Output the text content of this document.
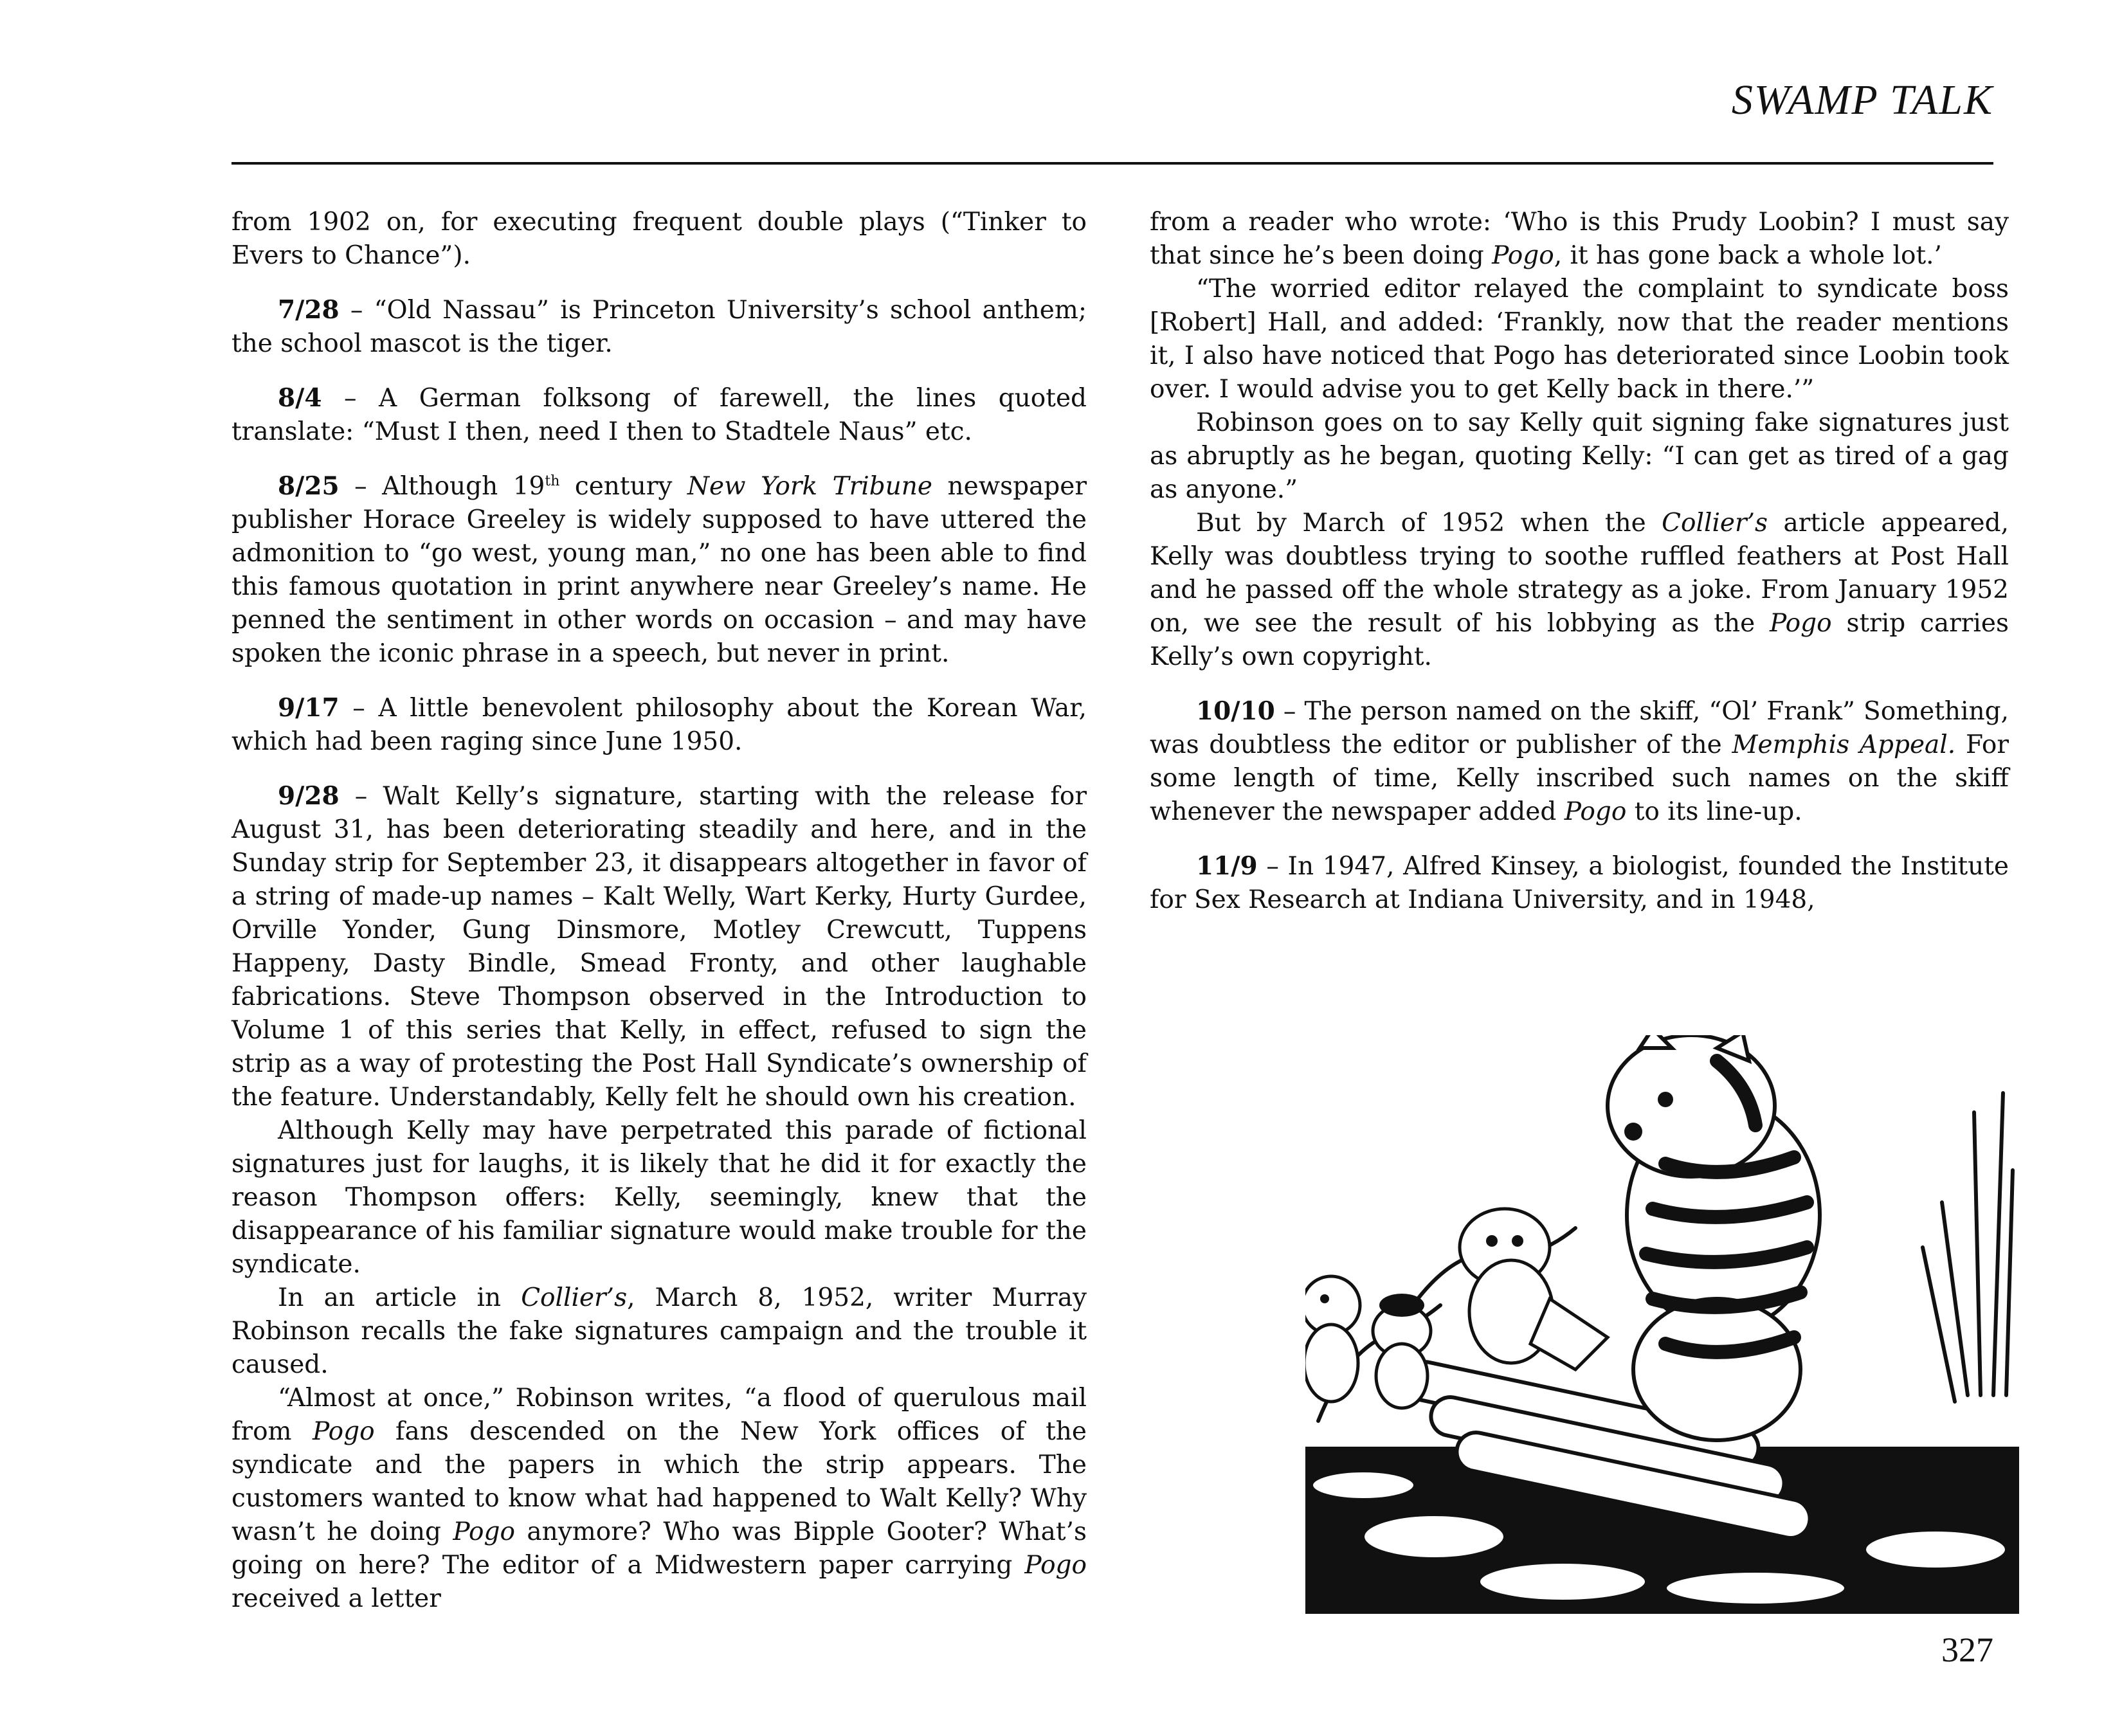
SWAMP TALK

from 1902 on, for executing frequent double plays (“Tinker to Evers to Chance”).

7/28 – “Old Nassau” is Princeton University’s school anthem; the school mascot is the tiger.

8/4 – A German folksong of farewell, the lines quoted translate: “Must I then, need I then to Stadtele Naus” etc.

8/25 – Although 19th century New York Tribune newspaper publisher Horace Greeley is widely supposed to have uttered the admonition to “go west, young man,” no one has been able to find this famous quotation in print anywhere near Greeley’s name. He penned the sentiment in other words on occasion – and may have spoken the iconic phrase in a speech, but never in print.

9/17 – A little benevolent philosophy about the Korean War, which had been raging since June 1950.

9/28 – Walt Kelly’s signature, starting with the release for August 31, has been deteriorating steadily and here, and in the Sunday strip for September 23, it disappears altogether in favor of a string of made-up names – Kalt Welly, Wart Kerky, Hurty Gurdee, Orville Yonder, Gung Dinsmore, Motley Crewcutt, Tuppens Happeny, Dasty Bindle, Smead Fronty, and other laughable fabrications. Steve Thompson observed in the Introduction to Volume 1 of this series that Kelly, in effect, refused to sign the strip as a way of protesting the Post Hall Syndicate’s ownership of the feature. Understandably, Kelly felt he should own his creation.

Although Kelly may have perpetrated this parade of fictional signatures just for laughs, it is likely that he did it for exactly the reason Thompson offers: Kelly, seemingly, knew that the disappearance of his familiar signature would make trouble for the syndicate.

In an article in Collier’s, March 8, 1952, writer Murray Robinson recalls the fake signatures campaign and the trouble it caused.

“Almost at once,” Robinson writes, “a flood of querulous mail from Pogo fans descended on the New York offices of the syndicate and the papers in which the strip appears. The customers wanted to know what had happened to Walt Kelly? Why wasn’t he doing Pogo anymore? Who was Bipple Gooter? What’s going on here? The editor of a Midwestern paper carrying Pogo received a letter

from a reader who wrote: ‘Who is this Prudy Loobin? I must say that since he’s been doing Pogo, it has gone back a whole lot.’

“The worried editor relayed the complaint to syndicate boss [Robert] Hall, and added: ‘Frankly, now that the reader mentions it, I also have noticed that Pogo has deteriorated since Loobin took over. I would advise you to get Kelly back in there.’”

Robinson goes on to say Kelly quit signing fake signatures just as abruptly as he began, quoting Kelly: “I can get as tired of a gag as anyone.”

But by March of 1952 when the Collier’s article appeared, Kelly was doubtless trying to soothe ruffled feathers at Post Hall and he passed off the whole strategy as a joke. From January 1952 on, we see the result of his lobbying as the Pogo strip carries Kelly’s own copyright.

10/10 – The person named on the skiff, “Ol’ Frank” Something, was doubtless the editor or publisher of the Memphis Appeal. For some length of time, Kelly inscribed such names on the skiff whenever the newspaper added Pogo to its line-up.

11/9 – In 1947, Alfred Kinsey, a biologist, founded the Institute for Sex Research at Indiana University, and in 1948,

327
